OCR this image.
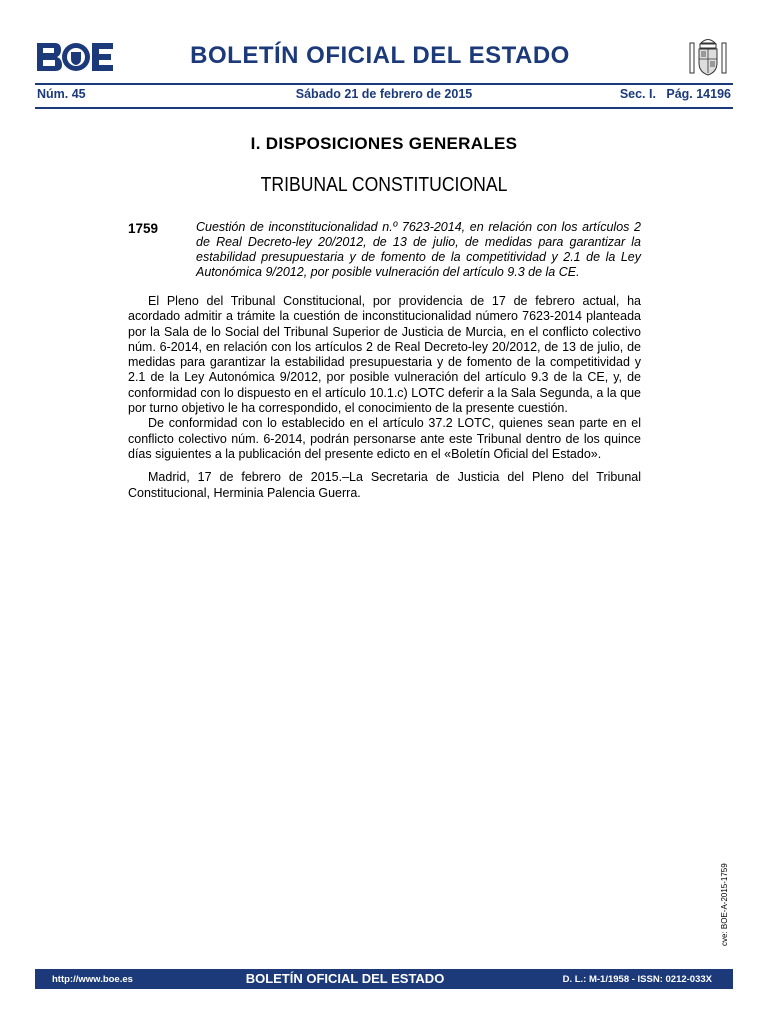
BOLETÍN OFICIAL DEL ESTADO
Núm. 45	Sábado 21 de febrero de 2015	Sec. I.   Pág. 14196
I. DISPOSICIONES GENERALES
TRIBUNAL CONSTITUCIONAL
1759	Cuestión de inconstitucionalidad n.º 7623-2014, en relación con los artículos 2 de Real Decreto-ley 20/2012, de 13 de julio, de medidas para garantizar la estabilidad presupuestaria y de fomento de la competitividad y 2.1 de la Ley Autonómica 9/2012, por posible vulneración del artículo 9.3 de la CE.

El Pleno del Tribunal Constitucional, por providencia de 17 de febrero actual, ha acordado admitir a trámite la cuestión de inconstitucionalidad número 7623-2014 planteada por la Sala de lo Social del Tribunal Superior de Justicia de Murcia, en el conflicto colectivo núm. 6-2014, en relación con los artículos 2 de Real Decreto-ley 20/2012, de 13 de julio, de medidas para garantizar la estabilidad presupuestaria y de fomento de la competitividad y 2.1 de la Ley Autonómica 9/2012, por posible vulneración del artículo 9.3 de la CE, y, de conformidad con lo dispuesto en el artículo 10.1.c) LOTC deferir a la Sala Segunda, a la que por turno objetivo le ha correspondido, el conocimiento de la presente cuestión.

De conformidad con lo establecido en el artículo 37.2 LOTC, quienes sean parte en el conflicto colectivo núm. 6-2014, podrán personarse ante este Tribunal dentro de los quince días siguientes a la publicación del presente edicto en el «Boletín Oficial del Estado».

Madrid, 17 de febrero de 2015.–La Secretaria de Justicia del Pleno del Tribunal Constitucional, Herminia Palencia Guerra.

cve: BOE-A-2015-1759
http://www.boe.es	BOLETÍN OFICIAL DEL ESTADO	D. L.: M-1/1958 - ISSN: 0212-033X
